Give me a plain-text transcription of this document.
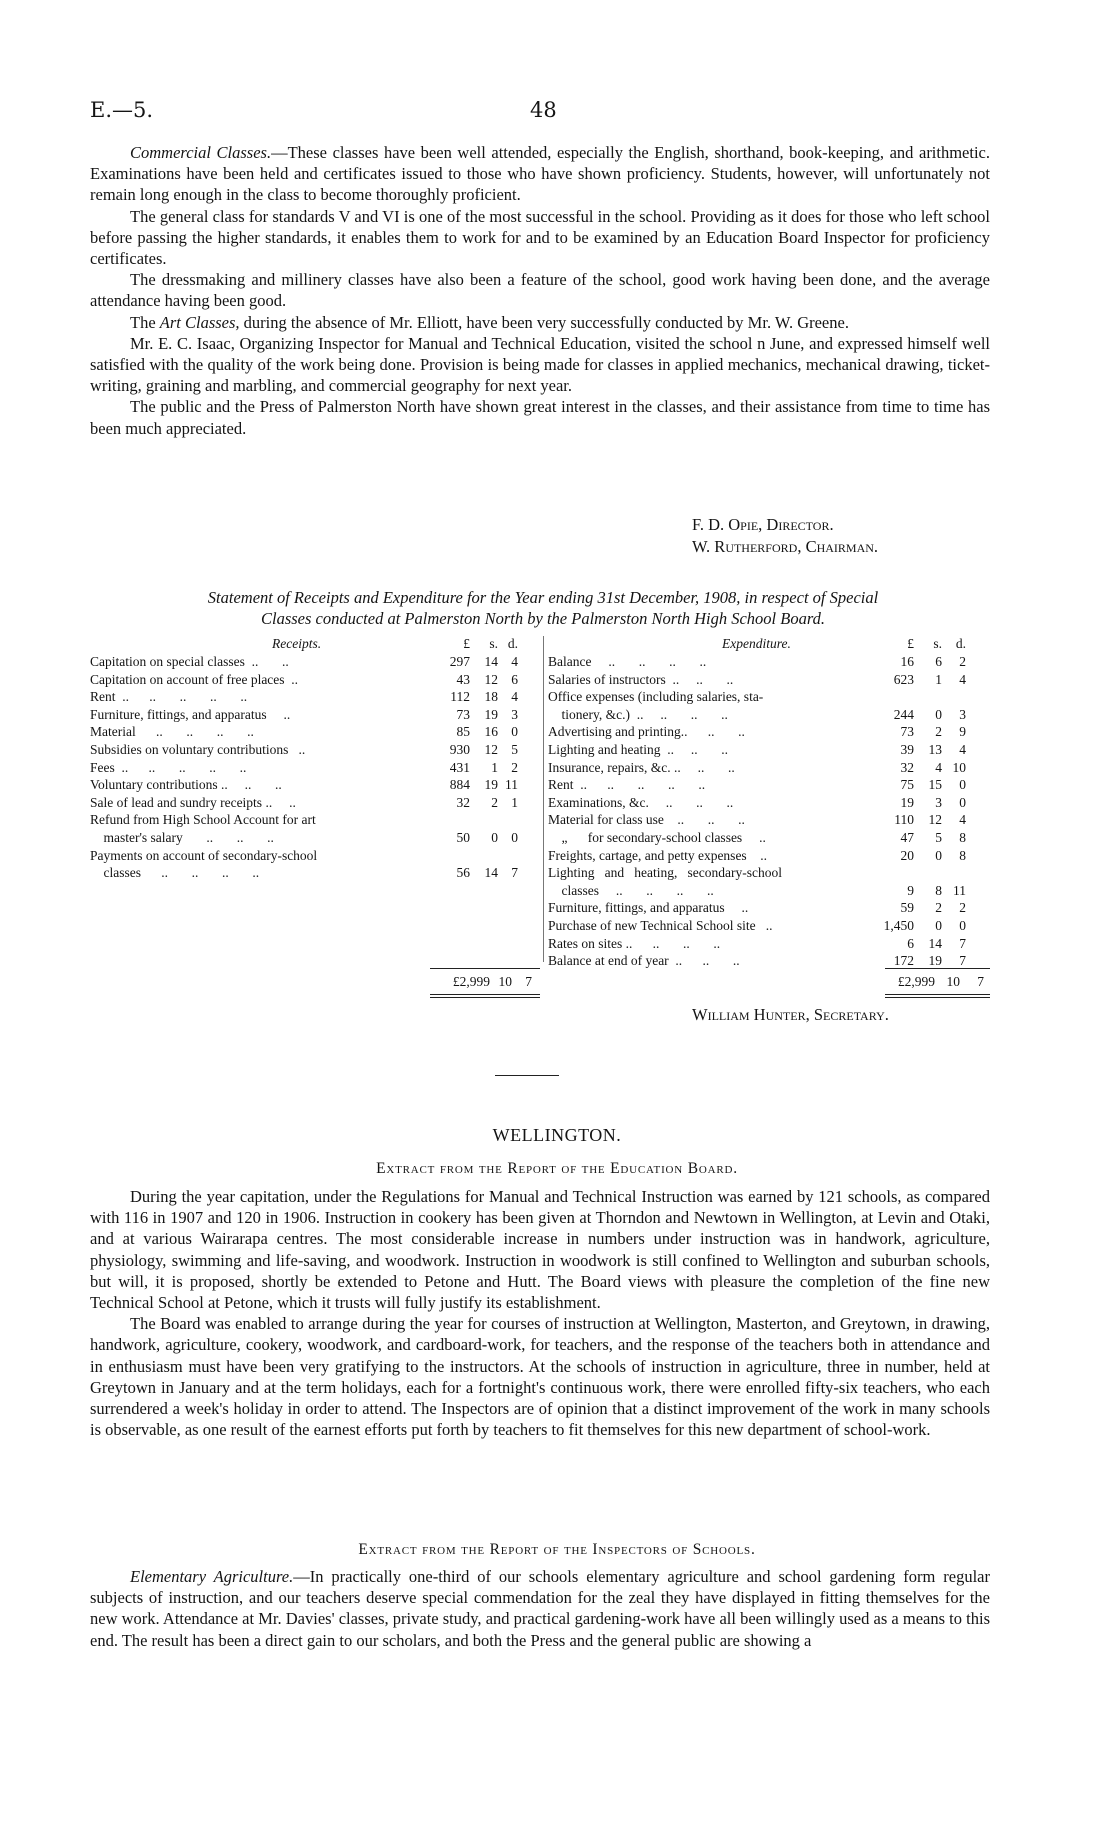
E.—5.	48

Commercial Classes.—These classes have been well attended, especially the English, shorthand, book-keeping, and arithmetic. Examinations have been held and certificates issued to those who have shown proficiency. Students, however, will unfortunately not remain long enough in the class to become thoroughly proficient.

The general class for standards V and VI is one of the most successful in the school. Providing as it does for those who left school before passing the higher standards, it enables them to work for and to be examined by an Education Board Inspector for proficiency certificates.

The dressmaking and millinery classes have also been a feature of the school, good work having been done, and the average attendance having been good.

The Art Classes, during the absence of Mr. Elliott, have been very successfully conducted by Mr. W. Greene.

Mr. E. C. Isaac, Organizing Inspector for Manual and Technical Education, visited the school n June, and expressed himself well satisfied with the quality of the work being done. Provision is being made for classes in applied mechanics, mechanical drawing, ticket-writing, graining and marbling, and commercial geography for next year.

The public and the Press of Palmerston North have shown great interest in the classes, and their assistance from time to time has been much appreciated.

F. D. Opie, Director.
W. Rutherford, Chairman.
Statement of Receipts and Expenditure for the Year ending 31st December, 1908, in respect of Special
Classes conducted at Palmerston North by the Palmerston North High School Board.
Receipts.	£	s. d.	Expenditure.	£	s.	d.
Capitation on special classes  ..       ..	297	14 4
Capitation on account of free places  ..	43	12 6
Rent  ..      ..       ..       ..       ..	112	18 4
Furniture, fittings, and apparatus     ..	73	19 3
Material      ..       ..       ..       ..	85	16 0
Subsidies on voluntary contributions   ..	930	12 5
Fees  ..      ..       ..       ..       ..	431	1 2
Voluntary contributions ..     ..       ..	884	19 11
Sale of lead and sundry receipts ..     ..	32	2 1
Refund from High School Account for art
master's salary       ..       ..       ..	50	0 0
Payments on account of secondary-school
classes      ..       ..       ..       ..	56	14 7
Balance     ..       ..       ..       ..	16	6	2
Salaries of instructors  ..     ..       ..	623	1	4
Office expenses (including salaries, sta-
tionery, &c.)  ..     ..       ..       ..	244	0	3
Advertising and printing..      ..       ..	73	2	9
Lighting and heating  ..     ..       ..	39	13	4
Insurance, repairs, &c. ..     ..       ..	32	4 10
Rent  ..      ..       ..       ..       ..	75	15	0
Examinations, &c.     ..       ..       ..	19	3	0
Material for class use    ..       ..       ..	110	12	4
„      for secondary-school classes     ..	47	5	8
Freights, cartage, and petty expenses    ..	20	0	8
Lighting   and   heating,   secondary-school
classes     ..       ..       ..       ..	9	8 11
Furniture, fittings, and apparatus     ..	59	2	2
Purchase of new Technical School site   ..	1,450	0	0
Rates on sites ..      ..       ..       ..	6	14	7
Balance at end of year  ..      ..       ..	172	19	7
£2,999 10 7	£2,999 10	7
William Hunter, Secretary.
WELLINGTON.
Extract from the Report of the Education Board.

During the year capitation, under the Regulations for Manual and Technical Instruction was earned by 121 schools, as compared with 116 in 1907 and 120 in 1906. Instruction in cookery has been given at Thorndon and Newtown in Wellington, at Levin and Otaki, and at various Wairarapa centres. The most considerable increase in numbers under instruction was in handwork, agriculture, physiology, swimming and life-saving, and woodwork. Instruction in woodwork is still confined to Wellington and suburban schools, but will, it is proposed, shortly be extended to Petone and Hutt. The Board views with pleasure the completion of the fine new Technical School at Petone, which it trusts will fully justify its establishment.

The Board was enabled to arrange during the year for courses of instruction at Wellington, Masterton, and Greytown, in drawing, handwork, agriculture, cookery, woodwork, and cardboard-work, for teachers, and the response of the teachers both in attendance and in enthusiasm must have been very gratifying to the instructors. At the schools of instruction in agriculture, three in number, held at Greytown in January and at the term holidays, each for a fortnight's continuous work, there were enrolled fifty-six teachers, who each surrendered a week's holiday in order to attend. The Inspectors are of opinion that a distinct improvement of the work in many schools is observable, as one result of the earnest efforts put forth by teachers to fit themselves for this new department of school-work.

Extract from the Report of the Inspectors of Schools.

Elementary Agriculture.—In practically one-third of our schools elementary agriculture and school gardening form regular subjects of instruction, and our teachers deserve special commendation for the zeal they have displayed in fitting themselves for the new work. Attendance at Mr. Davies' classes, private study, and practical gardening-work have all been willingly used as a means to this end. The result has been a direct gain to our scholars, and both the Press and the general public are showing a
